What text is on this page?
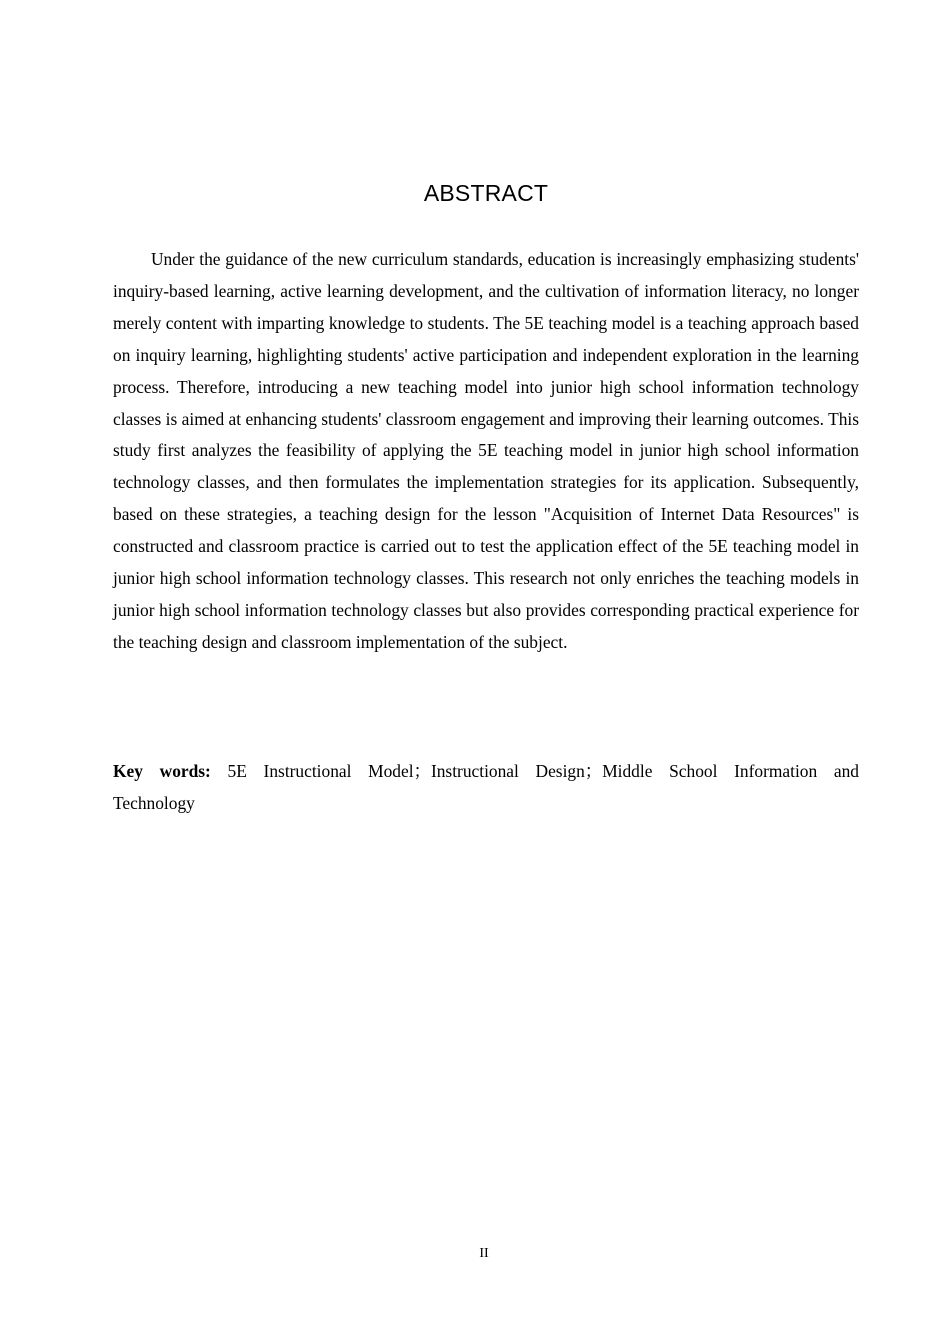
ABSTRACT

Under the guidance of the new curriculum standards, education is increasingly emphasizing students' inquiry-based learning, active learning development, and the cultivation of information literacy, no longer merely content with imparting knowledge to students. The 5E teaching model is a teaching approach based on inquiry learning, highlighting students' active participation and independent exploration in the learning process. Therefore, introducing a new teaching model into junior high school information technology classes is aimed at enhancing students' classroom engagement and improving their learning outcomes. This study first analyzes the feasibility of applying the 5E teaching model in junior high school information technology classes, and then formulates the implementation strategies for its application. Subsequently, based on these strategies, a teaching design for the lesson "Acquisition of Internet Data Resources" is constructed and classroom practice is carried out to test the application effect of the 5E teaching model in junior high school information technology classes. This research not only enriches the teaching models in junior high school information technology classes but also provides corresponding practical experience for the teaching design and classroom implementation of the subject.

Key words: 5E Instructional Model；Instructional Design；Middle School Information and Technology

II
